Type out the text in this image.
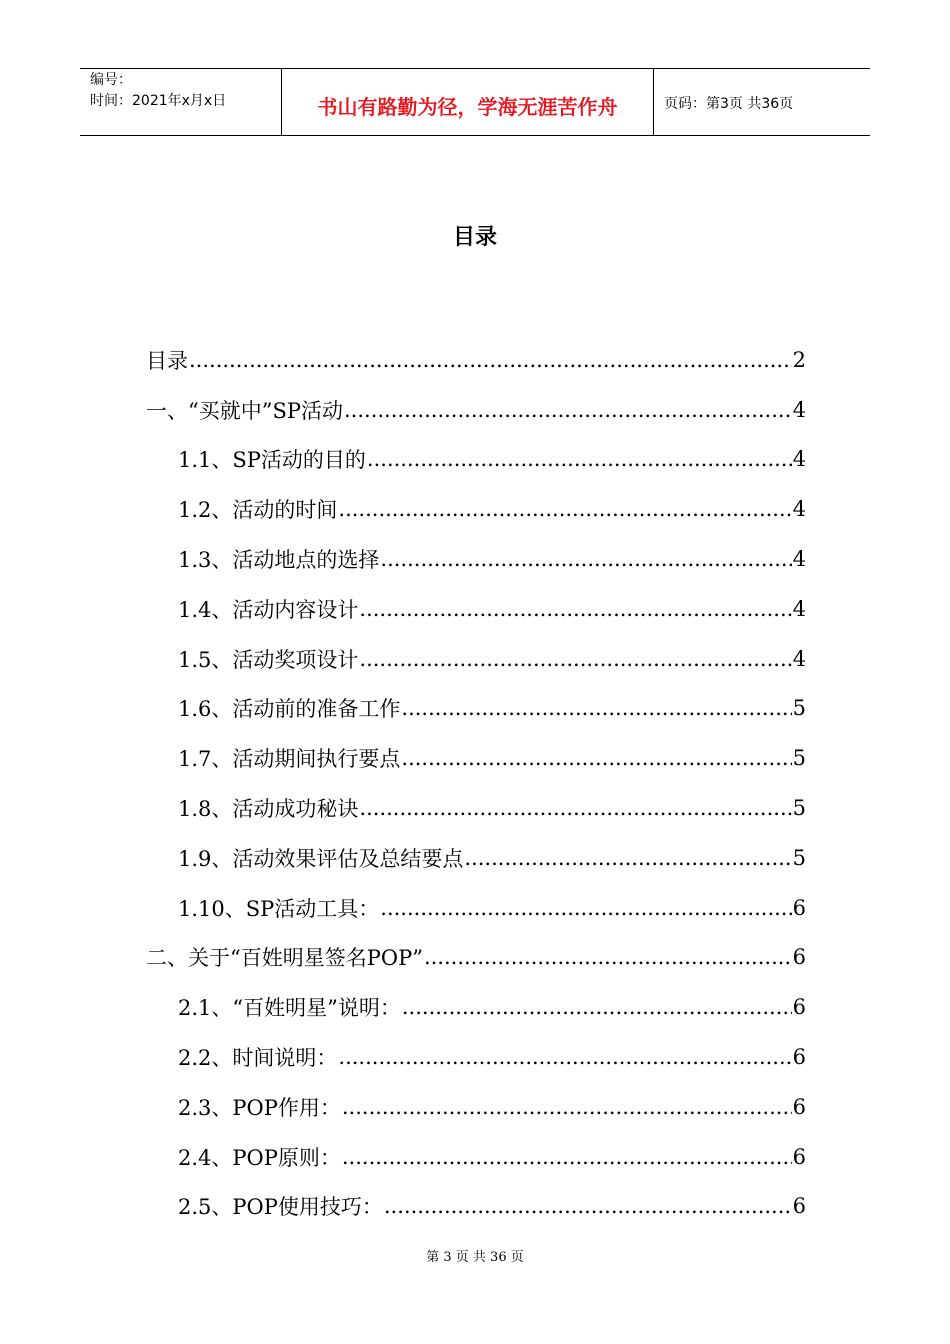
编号：
时间：2021年x月x日	书山有路勤为径，学海无涯苦作舟	页码：第3页 共36页
目录
目录 .....	2
一、“买就中”SP活动 .....	4
1.1、SP活动的目的 .....	4
1.2、活动的时间 .....	4
1.3、活动地点的选择 .....	4
1.4、活动内容设计 .....	4
1.5、活动奖项设计 .....	4
1.6、活动前的准备工作 .....	5
1.7、活动期间执行要点 .....	5
1.8、活动成功秘诀 .....	5
1.9、活动效果评估及总结要点 .....	5
1.10、SP活动工具： .....	6
二、关于“百姓明星签名POP” .....	6
2.1、“百姓明星”说明： .....	6
2.2、时间说明： .....	6
2.3、POP作用： .....	6
2.4、POP原则： .....	6
2.5、POP使用技巧： .....	6
第 3 页 共 36 页
